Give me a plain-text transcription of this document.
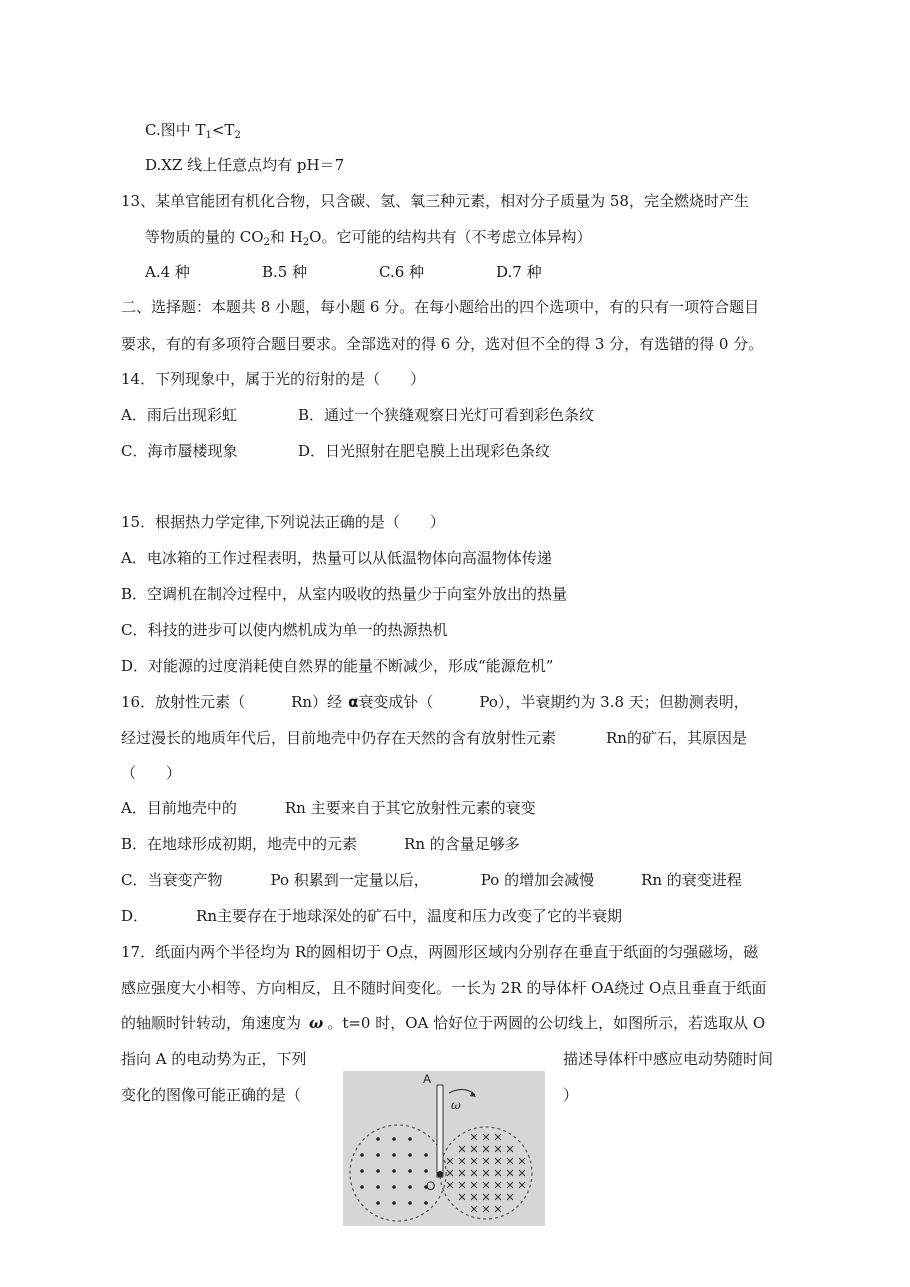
C.图中 $T_1<T_2$
D.XZ 线上任意点均有 pH＝7
13、某单官能团有机化合物，只含碳、氢、氧三种元素，相对分子质量为 58，完全燃烧时产生
等物质的量的 $CO_2$和 $H_2O$。它可能的结构共有（不考虑立体异构）
A.4 种	B.5 种	C.6 种	D.7 种
二、选择题：本题共 8 小题，每小题 6 分。在每小题给出的四个选项中，有的只有一项符合题目
要求，有的有多项符合题目要求。全部选对的得 6 分，选对但不全的得 3 分，有选错的得 0 分。
14．下列现象中，属于光的衍射的是（　　）
A．雨后出现彩虹	B．通过一个狭缝观察日光灯可看到彩色条纹
C．海市蜃楼现象	D．日光照射在肥皂膜上出现彩色条纹
15．根据热力学定律,下列说法正确的是（　　）
A．电冰箱的工作过程表明，热量可以从低温物体向高温物体传递
B．空调机在制冷过程中，从室内吸收的热量少于向室外放出的热量
C．科技的进步可以使内燃机成为单一的热源热机
D．对能源的过度消耗使自然界的能量不断减少，形成“能源危机”
16．放射性元素（	Rn）经 α衰变成钋（	Po），半衰期约为 3.8 天；但勘测表明，
经过漫长的地质年代后，目前地壳中仍存在天然的含有放射性元素	Rn的矿石，其原因是
（　　）
A．目前地壳中的	Rn 主要来自于其它放射性元素的衰变
B．在地球形成初期，地壳中的元素	Rn 的含量足够多
C．当衰变产物	Po 积累到一定量以后，	Po 的增加会减慢	Rn 的衰变进程
D．	Rn主要存在于地球深处的矿石中，温度和压力改变了它的半衰期
17．纸面内两个半径均为 R的圆相切于 O点，两圆形区域内分别存在垂直于纸面的匀强磁场，磁
感应强度大小相等、方向相反，且不随时间变化。一长为 2R 的导体杆 OA绕过 O点且垂直于纸面
的轴顺时针转动，角速度为 ω 。t=0 时，OA 恰好位于两圆的公切线上，如图所示，若选取从 O
指向 A 的电动势为正，下列	描述导体杆中感应电动势随时间
变化的图像可能正确的是（	）
A
O
ω
